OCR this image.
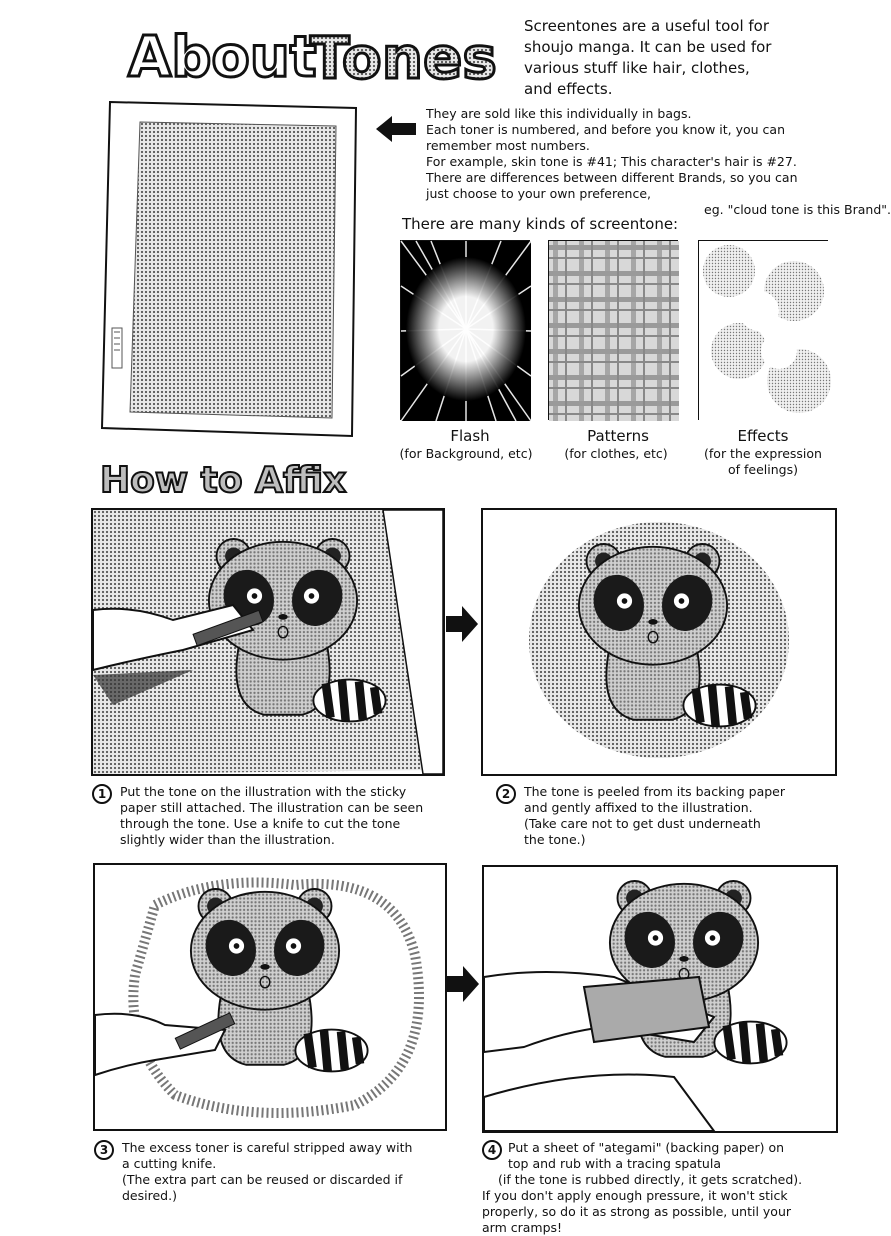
About
Tones Screentones are a useful tool for

shoujo manga. It can be used for

various stuff like hair, clothes,

and effects.

They are sold like this individually in bags.
Each toner is numbered, and before you know it, you can
remember most numbers.
For example, skin tone is #41; This character's hair is #27.
There are differences between different Brands, so you can
just choose to your own preference,
eg. "cloud tone is this Brand".
There are many kinds of screentone:
Flash	Patterns	Effects
(for Background, etc)	(for clothes, etc)	(for the expression
of feelings)
How to Affix
1	Put the tone on the illustration with the sticky
paper still attached. The illustration can be seen
through the tone. Use a knife to cut the tone
slightly wider than the illustration.
2	The tone is peeled from its backing paper
and gently affixed to the illustration.
(Take care not to get dust underneath
the tone.)
3	The excess toner is careful stripped away with
a cutting knife.
(The extra part can be reused or discarded if
desired.)
4 Put a sheet of "ategami" (backing paper) on
top and rub with a tracing spatula
(if the tone is rubbed directly, it gets scratched).
If you don't apply enough pressure, it won't stick
properly, so do it as strong as possible, until your
arm cramps!
